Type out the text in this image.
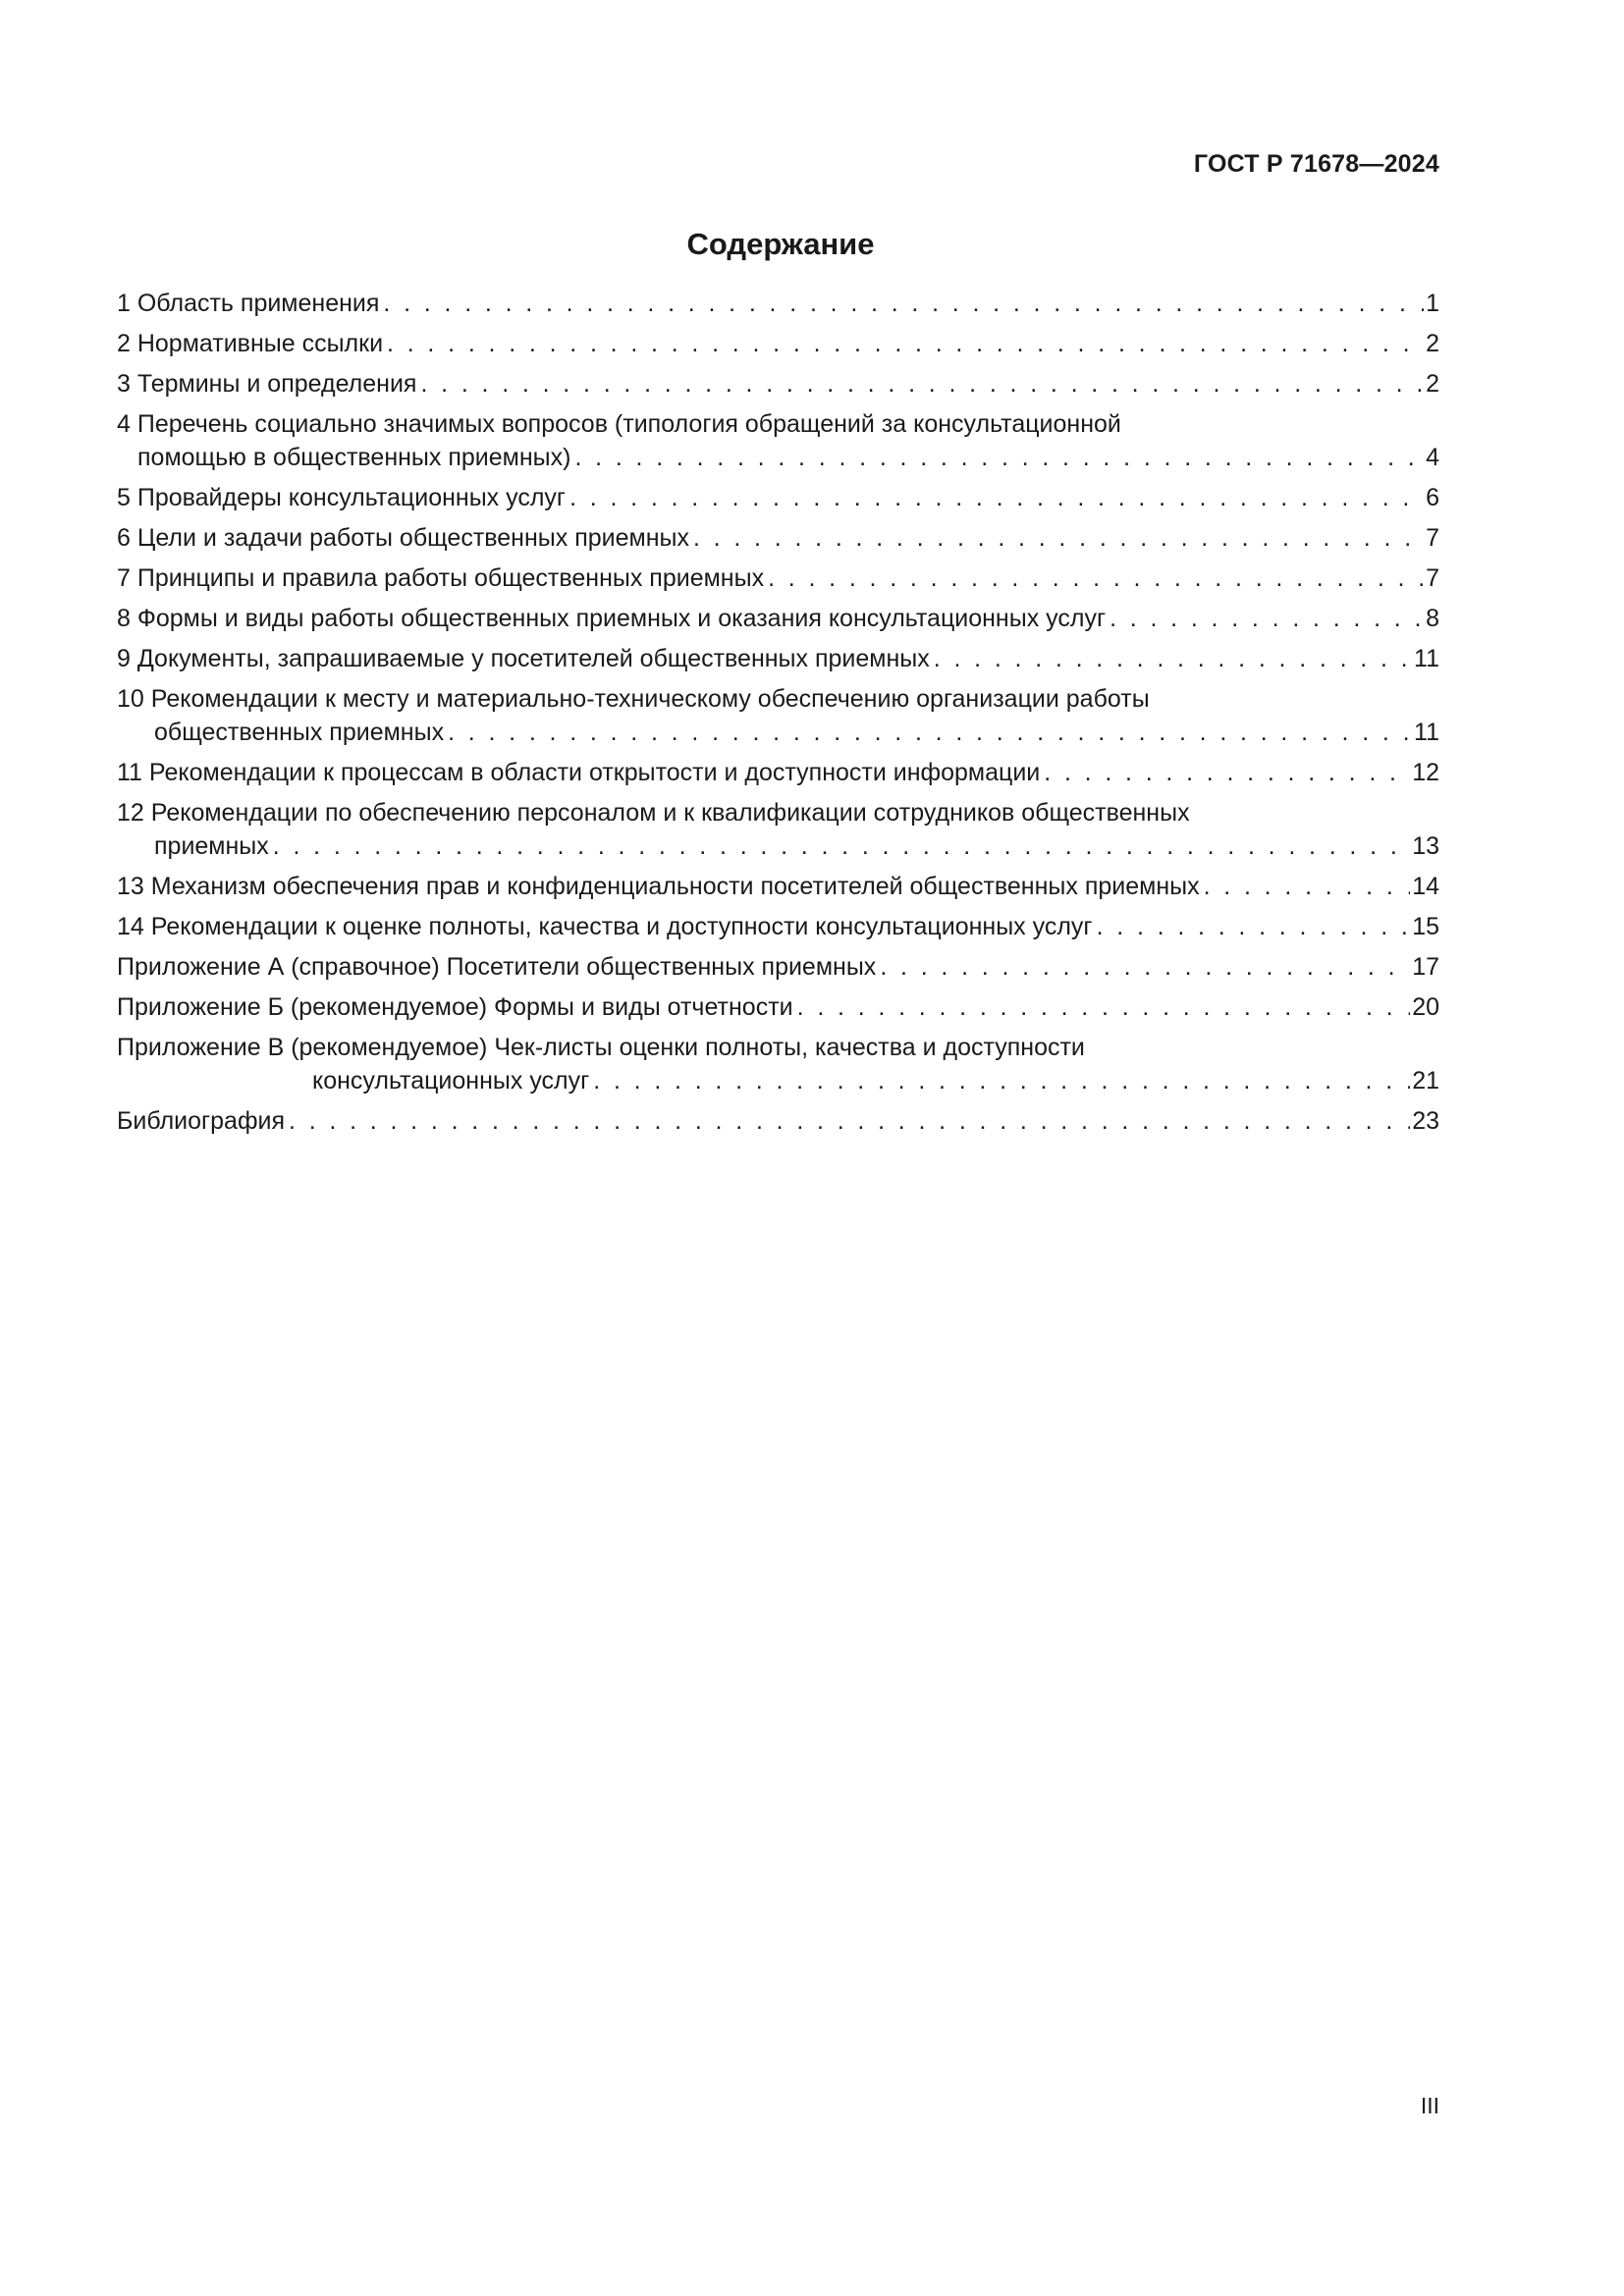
ГОСТ Р 71678—2024
Содержание
1 Область применения . . .	1
2 Нормативные ссылки . . .	2
3 Термины и определения . . .	2
4 Перечень социально значимых вопросов (типология обращений за консультационной
помощью в общественных приемных) . . .	4
5 Провайдеры консультационных услуг . . .	6
6 Цели и задачи работы общественных приемных . . .	7
7 Принципы и правила работы общественных приемных . . .	7
8 Формы и виды работы общественных приемных и оказания консультационных услуг . . .	8
9 Документы, запрашиваемые у посетителей общественных приемных . . .	11
10 Рекомендации к месту и материально-техническому обеспечению организации работы
общественных приемных . . .	11
11 Рекомендации к процессам в области открытости и доступности информации . . .	12
12 Рекомендации по обеспечению персоналом и к квалификации сотрудников общественных
приемных . . .	13
13 Механизм обеспечения прав и конфиденциальности посетителей общественных приемных . . .	14
14 Рекомендации к оценке полноты, качества и доступности консультационных услуг . . .	15
Приложение А (справочное) Посетители общественных приемных . . .	17
Приложение Б (рекомендуемое) Формы и виды отчетности . . .	20
Приложение В (рекомендуемое) Чек-листы оценки полноты, качества и доступности
консультационных услуг . . .	21
Библиография . . .	23
III
